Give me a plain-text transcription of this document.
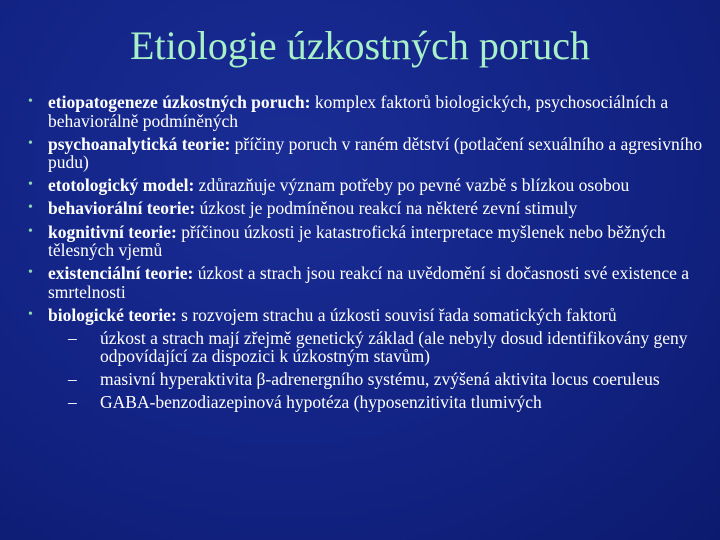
Etiologie úzkostných poruch
• etiopatogeneze úzkostných poruch: komplex faktorů biologických, psychosociálních a behaviorálně podmíněných
• psychoanalytická teorie: příčiny poruch v raném dětství (potlačení sexuálního a agresivního pudu)
• etotologický model: zdůrazňuje význam potřeby po pevné vazbě s blízkou osobou
• behaviorální teorie: úzkost je podmíněnou reakcí na některé zevní stimuly
• kognitivní teorie: příčinou úzkosti je katastrofická interpretace myšlenek nebo běžných tělesných vjemů
• existenciální teorie: úzkost a strach jsou reakcí na uvědomění si dočasnosti své existence a smrtelnosti
• biologické teorie: s rozvojem strachu a úzkosti souvisí řada somatických faktorů
– úzkost a strach mají zřejmě genetický základ (ale nebyly dosud identifikovány geny odpovídající za dispozici k úzkostným stavům)
– masivní hyperaktivita β-adrenergního systému, zvýšená aktivita locus coeruleus
– GABA-benzodiazepinová hypotéza (hyposenzitivita tlumivých
